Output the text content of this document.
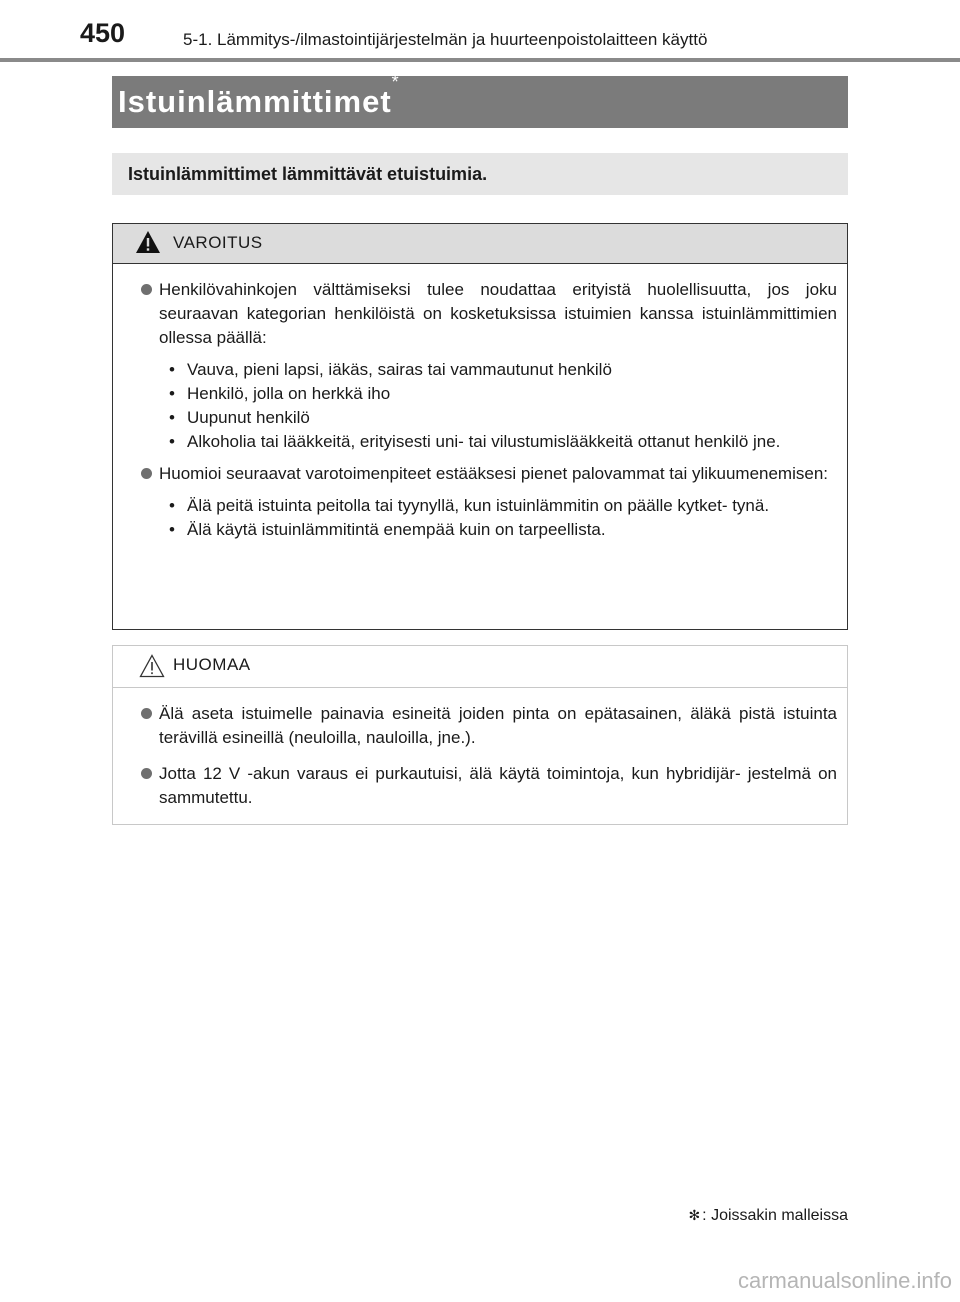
450	5-1. Lämmitys-/ilmastointijärjestelmän ja huurteenpoistolaitteen käyttö
Istuinlämmittimet*
Istuinlämmittimet lämmittävät etuistuimia.
VAROITUS
Henkilövahinkojen välttämiseksi tulee noudattaa erityistä huolellisuutta, jos joku seuraavan kategorian henkilöistä on kosketuksissa istuimien kanssa istuinlämmittimien ollessa päällä:
• Vauva, pieni lapsi, iäkäs, sairas tai vammautunut henkilö
• Henkilö, jolla on herkkä iho
• Uupunut henkilö
• Alkoholia tai lääkkeitä, erityisesti uni- tai vilustumislääkkeitä ottanut henkilö jne.
Huomioi seuraavat varotoimenpiteet estääksesi pienet palovammat tai ylikuumenemisen:
• Älä peitä istuinta peitolla tai tyynyllä, kun istuinlämmitin on päälle kytket- tynä.
• Älä käytä istuinlämmitintä enempää kuin on tarpeellista.
HUOMAA
Älä aseta istuimelle painavia esineitä joiden pinta on epätasainen, äläkä pistä istuinta terävillä esineillä (neuloilla, nauloilla, jne.).
Jotta 12 V -akun varaus ei purkautuisi, älä käytä toimintoja, kun hybridijär- jestelmä on sammutettu.
✻ : Joissakin malleissa
carmanualsonline.info
